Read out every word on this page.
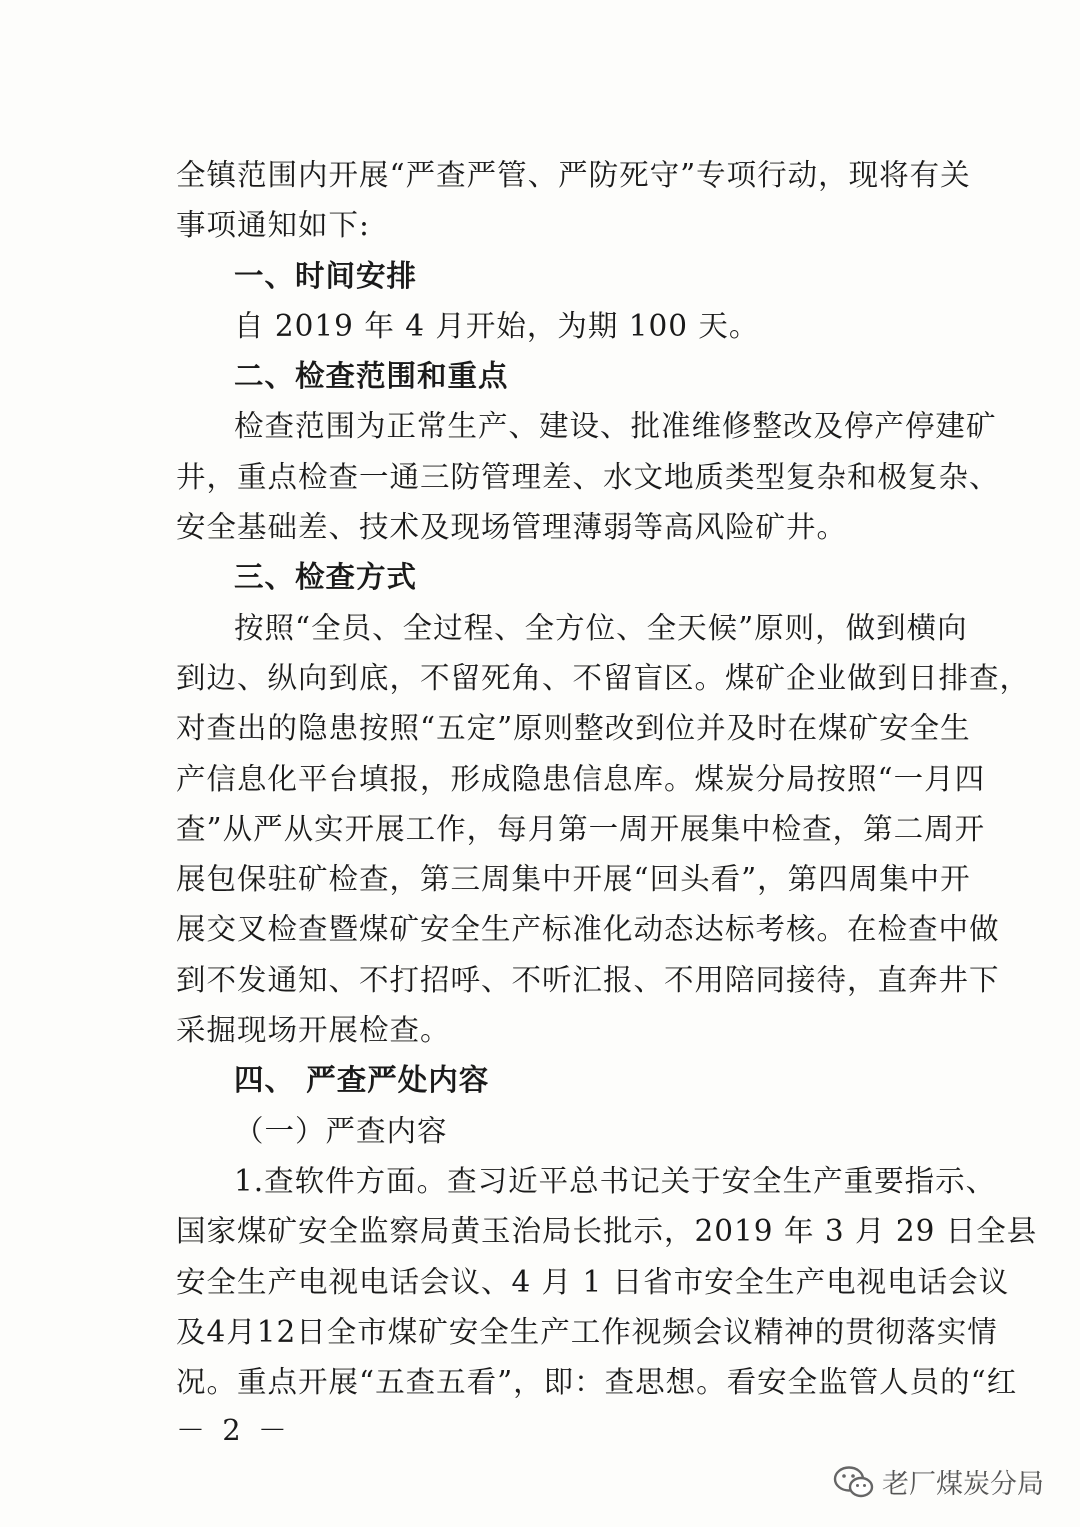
全镇范围内开展“严查严管、严防死守”专项行动，现将有关
事项通知如下:
一、时间安排
自 2019 年 4 月开始，为期 100 天。
二、检查范围和重点
检查范围为正常生产、建设、批准维修整改及停产停建矿
井，重点检查一通三防管理差、水文地质类型复杂和极复杂、
安全基础差、技术及现场管理薄弱等高风险矿井。
三、检查方式
按照“全员、全过程、全方位、全天候”原则，做到横向
到边、纵向到底，不留死角、不留盲区。煤矿企业做到日排查，
对查出的隐患按照“五定”原则整改到位并及时在煤矿安全生
产信息化平台填报，形成隐患信息库。煤炭分局按照“一月四
查”从严从实开展工作，每月第一周开展集中检查，第二周开
展包保驻矿检查，第三周集中开展“回头看”，第四周集中开
展交叉检查暨煤矿安全生产标准化动态达标考核。在检查中做
到不发通知、不打招呼、不听汇报、不用陪同接待，直奔井下
采掘现场开展检查。
四、 严查严处内容
（一）严查内容
1.查软件方面。查习近平总书记关于安全生产重要指示、
国家煤矿安全监察局黄玉治局长批示，2019 年 3 月 29 日全县
安全生产电视电话会议、4 月 1 日省市安全生产电视电话会议
及4月12日全市煤矿安全生产工作视频会议精神的贯彻落实情
况。重点开展“五查五看”，即：查思想。看安全监管人员的“红
－ 2 －
老厂煤炭分局
